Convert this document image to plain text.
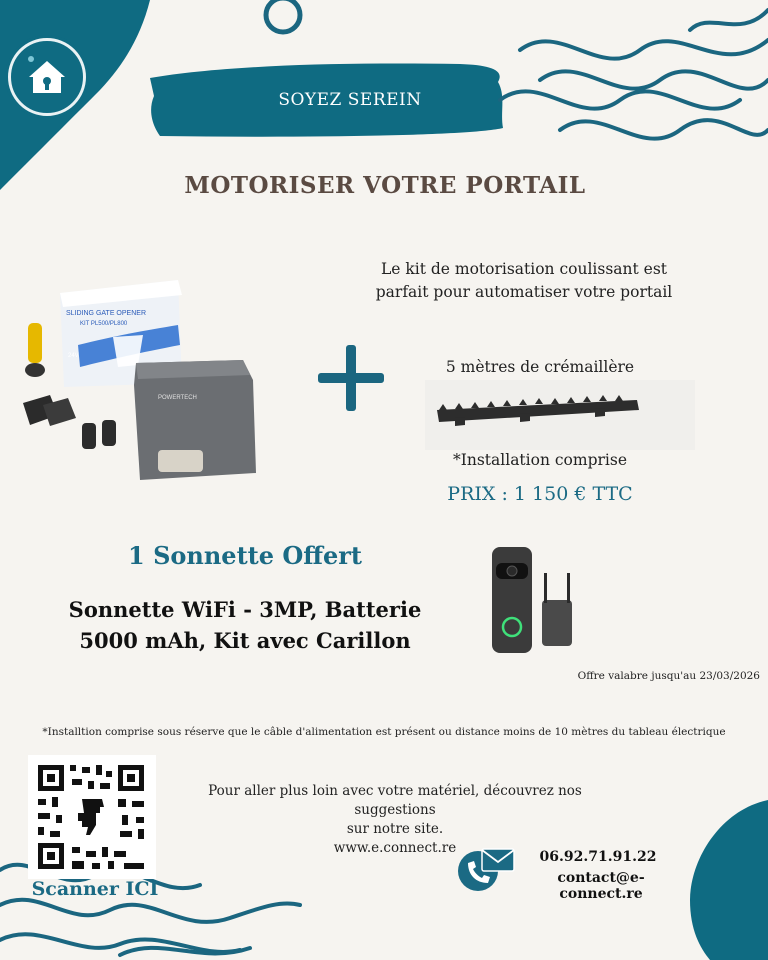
SOYEZ SEREIN
MOTORISER VOTRE PORTAIL
SLIDING GATE OPENER
KIT PL500/PL800
24V
POWERTECH
Le kit de motorisation coulissant est
parfait pour automatiser votre portail
5 mètres de crémaillère
*Installation comprise
PRIX : 1 150 € TTC
1 Sonnette Offert
Sonnette WiFi - 3MP, Batterie
5000 mAh, Kit avec Carillon
Offre valabre jusqu'au 23/03/2026
*Installtion comprise sous réserve que le câble d'alimentation est présent ou distance moins de 10 mètres du tableau électrique
Scanner ICI
Pour aller plus loin avec votre matériel, découvrez nos suggestions
sur notre site.
www.e.connect.re
06.92.71.91.22
contact@e-connect.re
